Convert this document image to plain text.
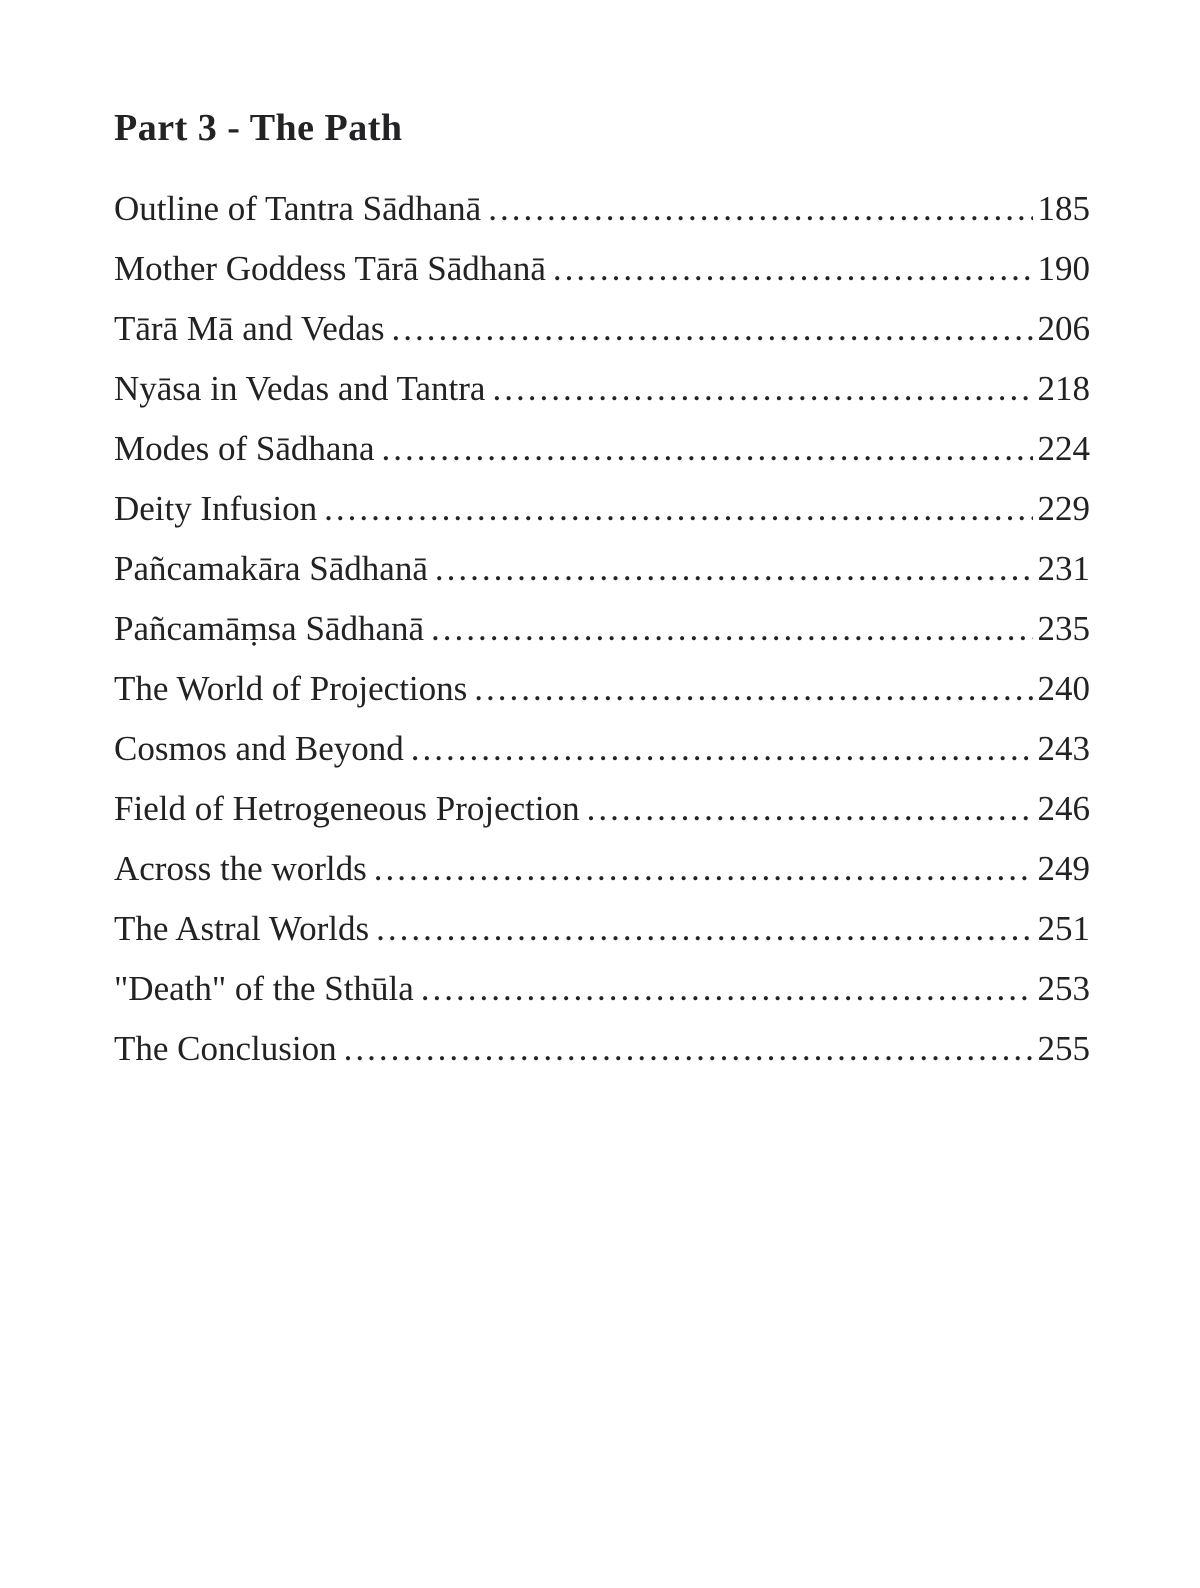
Part 3 - The Path
Outline of Tantra Sādhanā .....	185
Mother Goddess Tārā Sādhanā .....	190
Tārā Mā and Vedas .....	206
Nyāsa in Vedas and Tantra .....	218
Modes of Sādhana .....	224
Deity Infusion .....	229
Pañcamakāra Sādhanā .....	231
Pañcamāṃsa Sādhanā .....	235
The World of Projections .....	240
Cosmos and Beyond .....	243
Field of Hetrogeneous Projection .....	246
Across the worlds .....	249
The Astral Worlds .....	251
"Death" of the Sthūla .....	253
The Conclusion .....	255
